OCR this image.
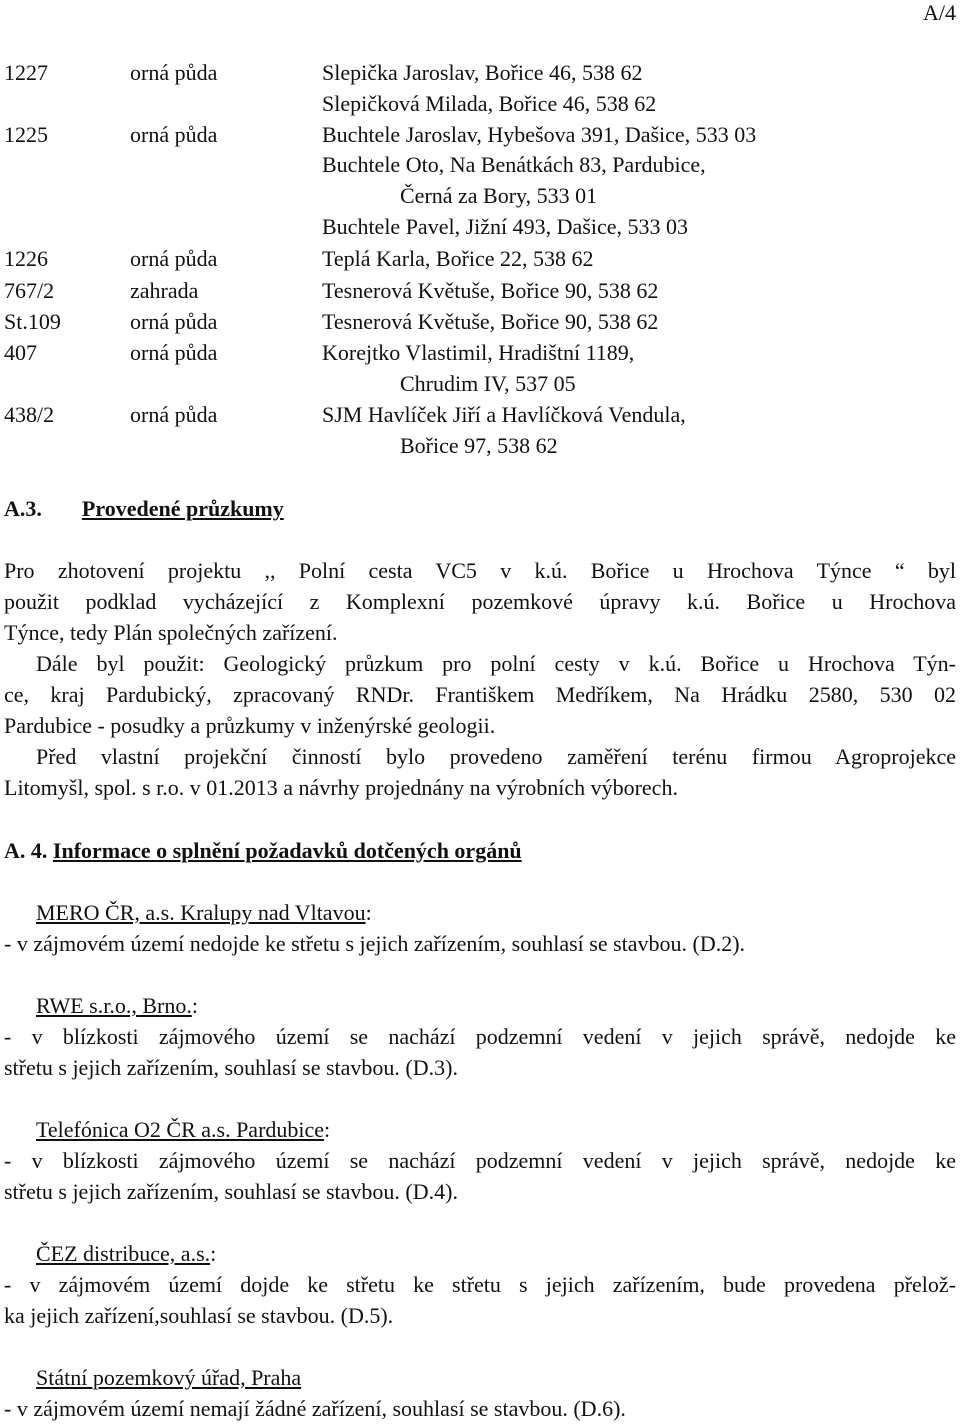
A/4
1227	orná půda	Slepička Jaroslav, Bořice 46, 538 62
Slepičková Milada, Bořice 46, 538 62
1225	orná půda	Buchtele Jaroslav, Hybešova 391, Dašice, 533 03
Buchtele Oto, Na Benátkách 83, Pardubice,
Černá za Bory, 533 01
Buchtele Pavel, Jižní 493, Dašice, 533 03
1226	orná půda	Teplá Karla, Bořice 22, 538 62
767/2	zahrada	Tesnerová Květuše, Bořice 90, 538 62
St.109	orná půda	Tesnerová Květuše, Bořice 90, 538 62
407	orná půda	Korejtko Vlastimil, Hradištní 1189,
Chrudim IV, 537 05
438/2	orná půda	SJM Havlíček Jiří a Havlíčková Vendula,
Bořice 97, 538 62
A.3. Provedené průzkumy
Pro zhotovení projektu ,, Polní cesta VC5 v k.ú. Bořice u Hrochova Týnce “ byl
použit podklad vycházející z Komplexní pozemkové úpravy k.ú. Bořice u Hrochova
Týnce, tedy Plán společných zařízení.
Dále byl použit: Geologický průzkum pro polní cesty v k.ú. Bořice u Hrochova Týn-
ce, kraj Pardubický, zpracovaný RNDr. Františkem Medříkem, Na Hrádku 2580, 530 02
Pardubice - posudky a průzkumy v inženýrské geologii.
Před vlastní projekční činností bylo provedeno zaměření terénu firmou Agroprojekce
Litomyšl, spol. s r.o. v 01.2013 a návrhy projednány na výrobních výborech.
A. 4. Informace o splnění požadavků dotčených orgánů
MERO ČR, a.s. Kralupy nad Vltavou:
- v zájmovém území nedojde ke střetu s jejich zařízením, souhlasí se stavbou. (D.2).
RWE s.r.o., Brno.:
- v blízkosti zájmového území se nachází podzemní vedení v jejich správě, nedojde ke
střetu s jejich zařízením, souhlasí se stavbou. (D.3).
Telefónica O2 ČR a.s. Pardubice:
- v blízkosti zájmového území se nachází podzemní vedení v jejich správě, nedojde ke
střetu s jejich zařízením, souhlasí se stavbou. (D.4).
ČEZ distribuce, a.s.:
- v zájmovém území dojde ke střetu ke střetu s jejich zařízením, bude provedena přelož-
ka jejich zařízení,souhlasí se stavbou. (D.5).
Státní pozemkový úřad, Praha
- v zájmovém území nemají žádné zařízení, souhlasí se stavbou. (D.6).
